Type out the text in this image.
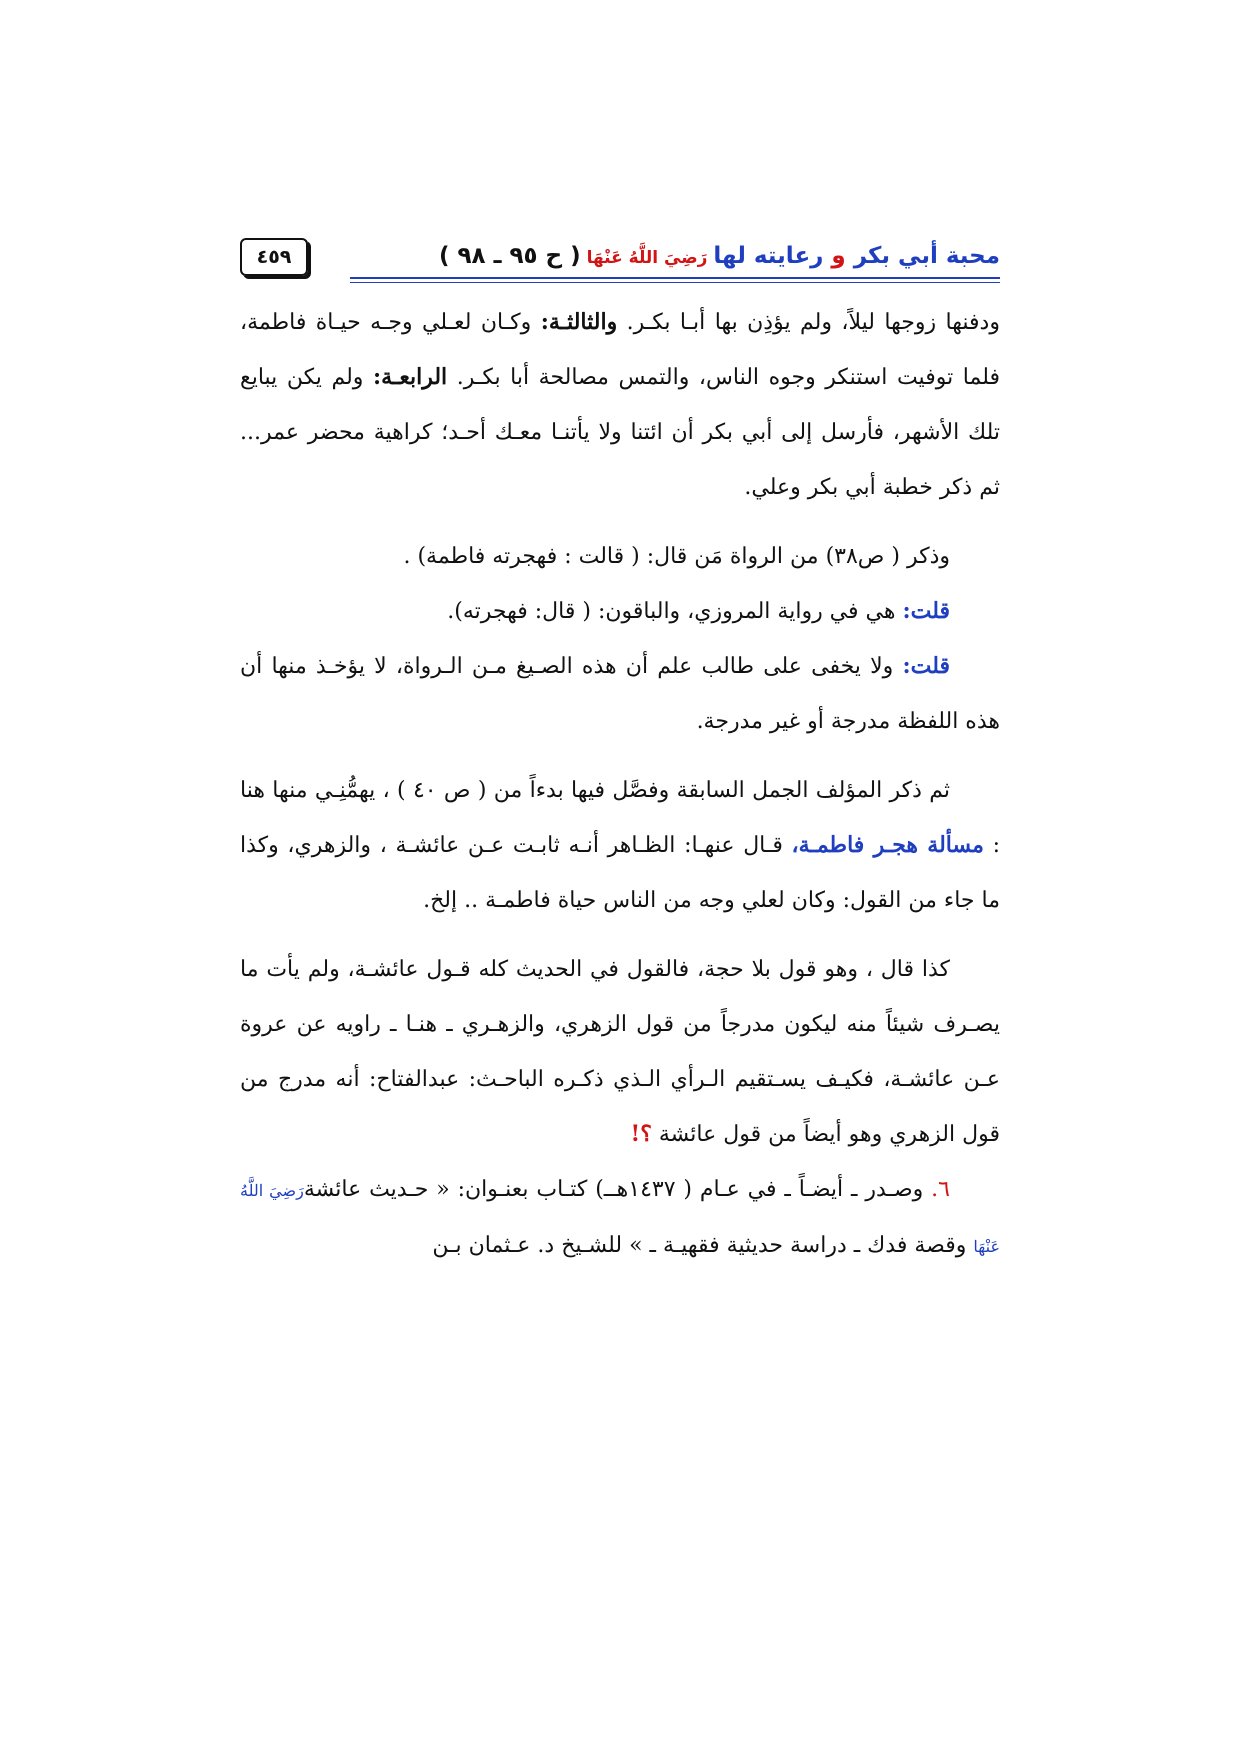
محبة أبي بكر و رعايته لها رَضِيَ اللَّهُ عَنْهَا ( ح ٩٥ ـ ٩٨ )
٤٥٩

ودفنها زوجها ليلاً، ولم يؤذِن بها أبـا بكـر. والثالثـة: وكـان لعـلي وجـه حيـاة فاطمة، فلما توفيت استنكر وجوه الناس، والتمس مصالحة أبا بكـر. الرابعـة: ولم يكن يبايع تلك الأشهر، فأرسل إلى أبي بكر أن ائتنا ولا يأتنـا معـك أحـد؛ كراهية محضر عمر... ثم ذكر خطبة أبي بكر وعلي.

وذكر ( ص٣٨) من الرواة مَن قال: ( قالت : فهجرته فاطمة) .

قلت: هي في رواية المروزي، والباقون: ( قال: فهجرته).

قلت: ولا يخفى على طالب علم أن هذه الصـيغ مـن الـرواة، لا يؤخـذ منها أن هذه اللفظة مدرجة أو غير مدرجة.

ثم ذكر المؤلف الجمل السابقة وفصَّل فيها بدءاً من ( ص ٤٠ ) ، يهمُّنِـي منها هنا : مسألة هجـر فاطمـة، قـال عنهـا: الظـاهر أنـه ثابـت عـن عائشـة ، والزهري، وكذا ما جاء من القول: وكان لعلي وجه من الناس حياة فاطمـة .. إلخ.

كذا قال ، وهو قول بلا حجة، فالقول في الحديث كله قـول عائشـة، ولم يأت ما يصـرف شيئاً منه ليكون مدرجاً من قول الزهري، والزهـري ـ هنـا ـ راويه عن عروة عـن عائشـة، فكيـف يسـتقيم الـرأي الـذي ذكـره الباحـث: عبدالفتاح: أنه مدرج من قول الزهري وهو أيضاً من قول عائشة ؟!

٦. وصـدر ـ أيضـاً ـ في عـام ( ١٤٣٧هــ) كتـاب بعنـوان: « حـديث عائشةرَضِيَ اللَّهُ عَنْهَا وقصة فدك ـ دراسة حديثية فقهيـة ـ » للشـيخ د. عـثمان بـن
